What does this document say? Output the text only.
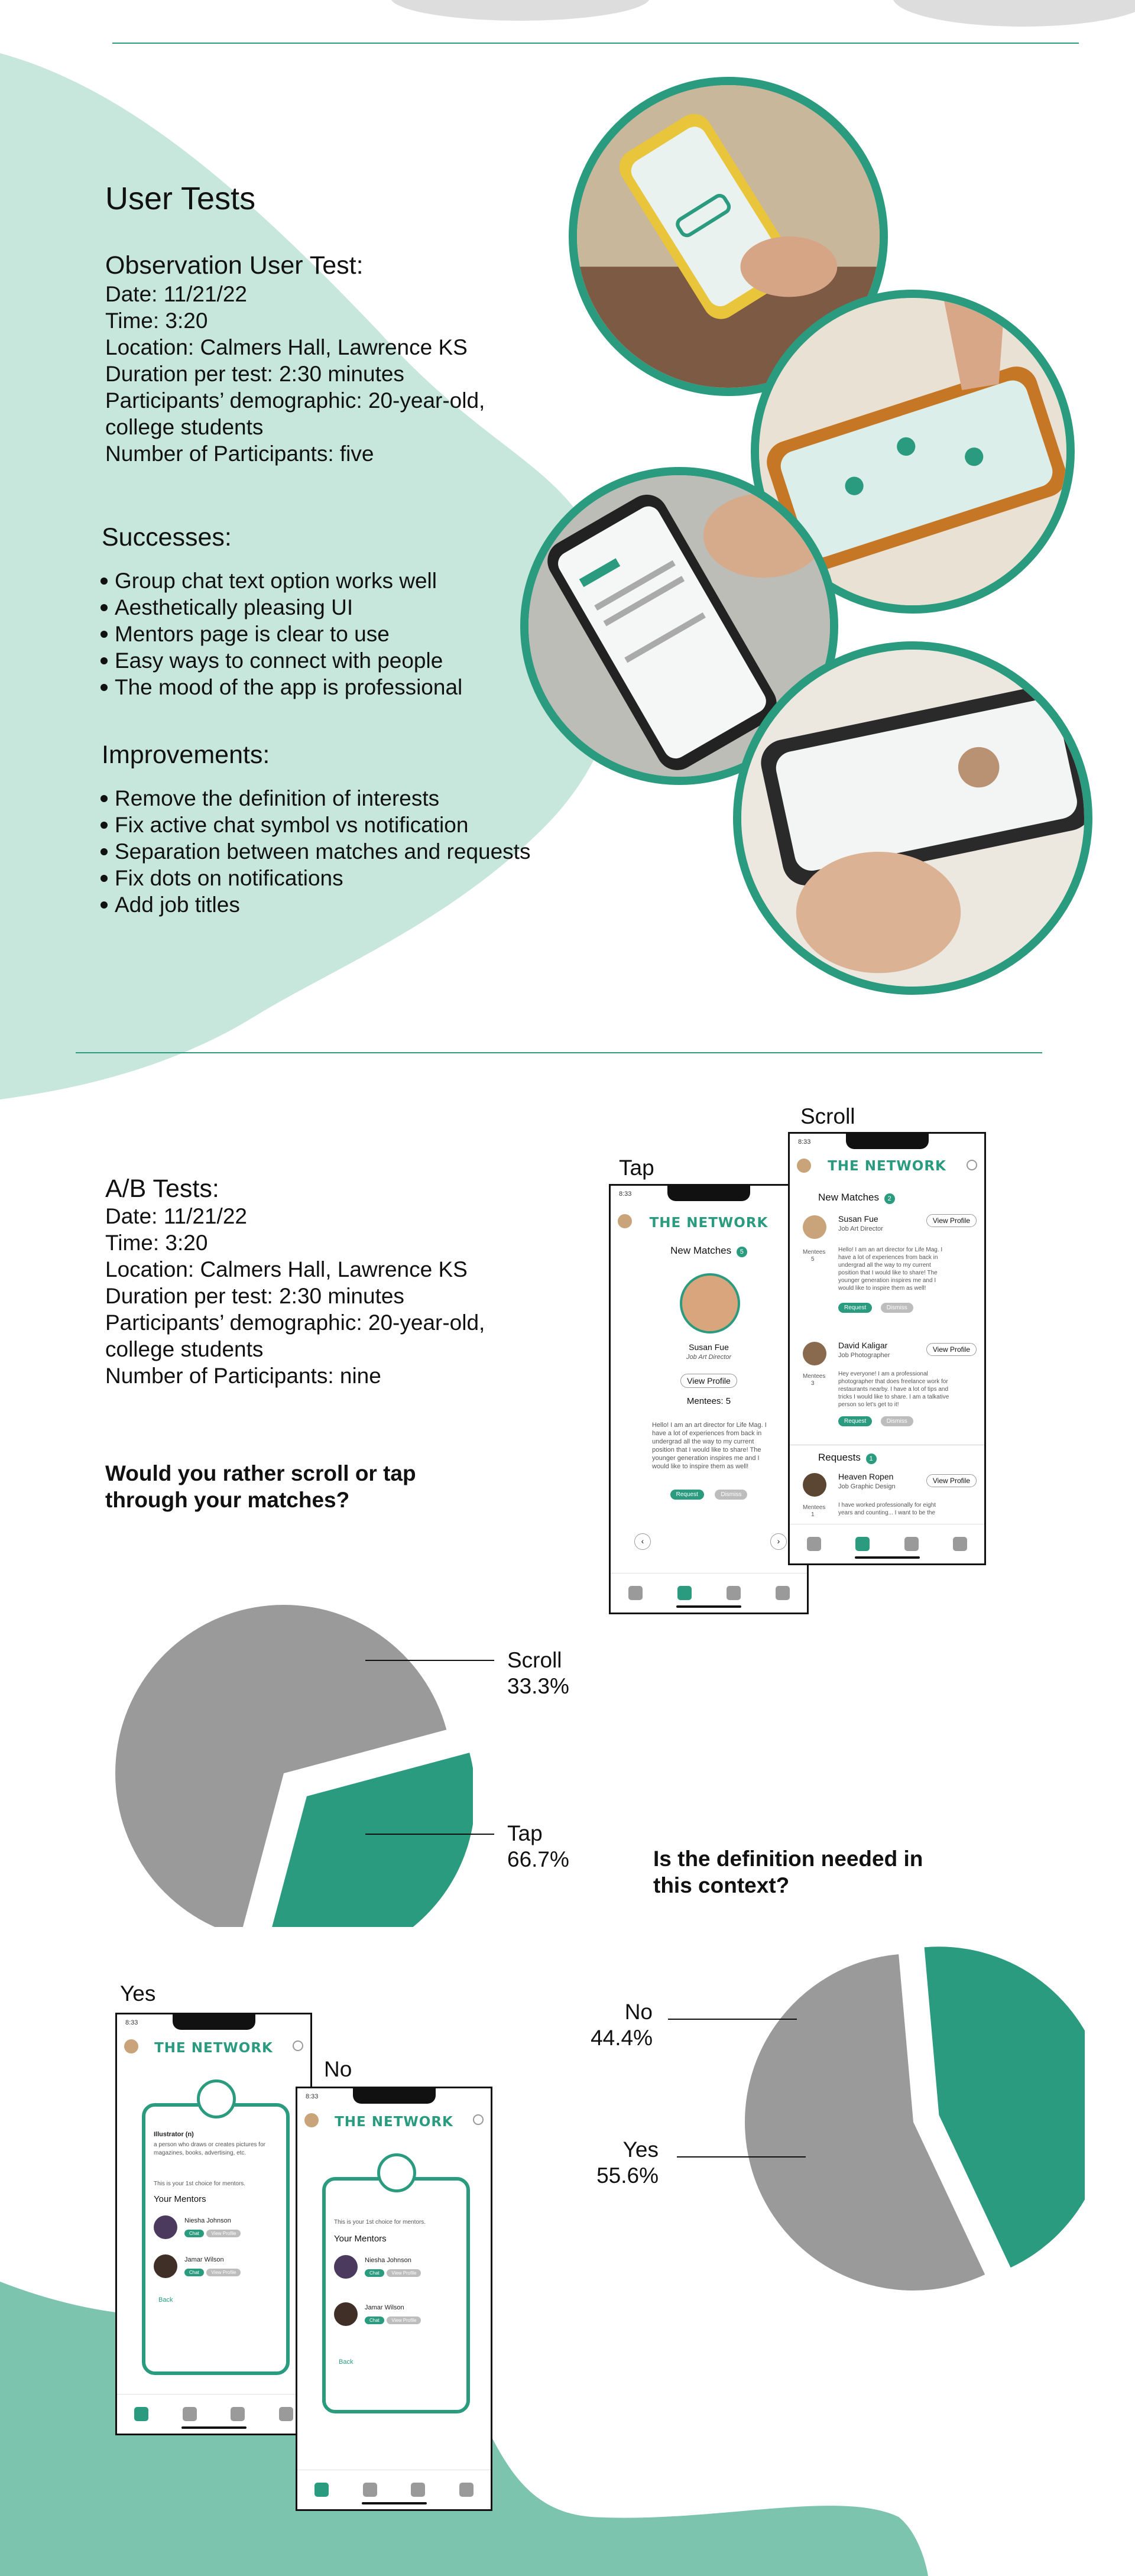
User Tests
Observation User Test:
Date: 11/21/22
Time: 3:20
Location: Calmers Hall, Lawrence KS
Duration per test: 2:30 minutes
Participants’ demographic: 20-year-old,
college students
Number of Participants: five
Successes:
Group chat text option works well
Aesthetically pleasing UI
Mentors page is clear to use
Easy ways to connect with people
The mood of the app is professional
Improvements:
Remove the definition of interests
Fix active chat symbol vs notification
Separation between matches and requests
Fix dots on notifications
Add job titles
A/B Tests:
Date: 11/21/22
Time: 3:20
Location: Calmers Hall, Lawrence KS
Duration per test: 2:30 minutes
Participants’ demographic: 20-year-old,
college students
Number of Participants: nine
Would you rather scroll or tap
through your matches?
Scroll
33.3%
Tap
66.7%	Is the definition needed in
this context?
No
44.4%
Yes
55.6%
Tap
Scroll
8:33
THE NETWORK
New Matches 5
Susan Fue
Job Art Director
View Profile
Mentees: 5
Hello! I am an art director for Life Mag. I have a lot of experiences from back in undergrad all the way to my current position that I would like to share! The younger generation inspires me and I would like to inspire them as well!
Request	Dismiss
‹	›
8:33
THE NETWORK
New Matches 2
Susan Fue
Job Art Director
View Profile
Mentees
5
Hello! I am an art director for Life Mag. I have a lot of experiences from back in undergrad all the way to my current position that I would like to share! The younger generation inspires me and I would like to inspire them as well!
Request	Dismiss
David Kaligar
Job Photographer
View Profile
Mentees
3
Hey everyone! I am a professional photographer that does freelance work for restaurants nearby. I have a lot of tips and tricks I would like to share. I am a talkative person so let's get to it!
Request	Dismiss
Requests 1
Heaven Ropen
Job Graphic Design
View Profile
Mentees
1
I have worked professionally for eight years and counting... I want to be the
Yes
No
8:33
THE NETWORK
Illustrator (n)
a person who draws or creates pictures for magazines, books, advertising, etc.
This is your 1st choice for mentors.
Your Mentors
Niesha Johnson
Chat	View Profile
Jamar Wilson
Chat	View Profile
Back
8:33
THE NETWORK
This is your 1st choice for mentors.
Your Mentors
Niesha Johnson
Chat	View Profile
Jamar Wilson
Chat	View Profile
Back
